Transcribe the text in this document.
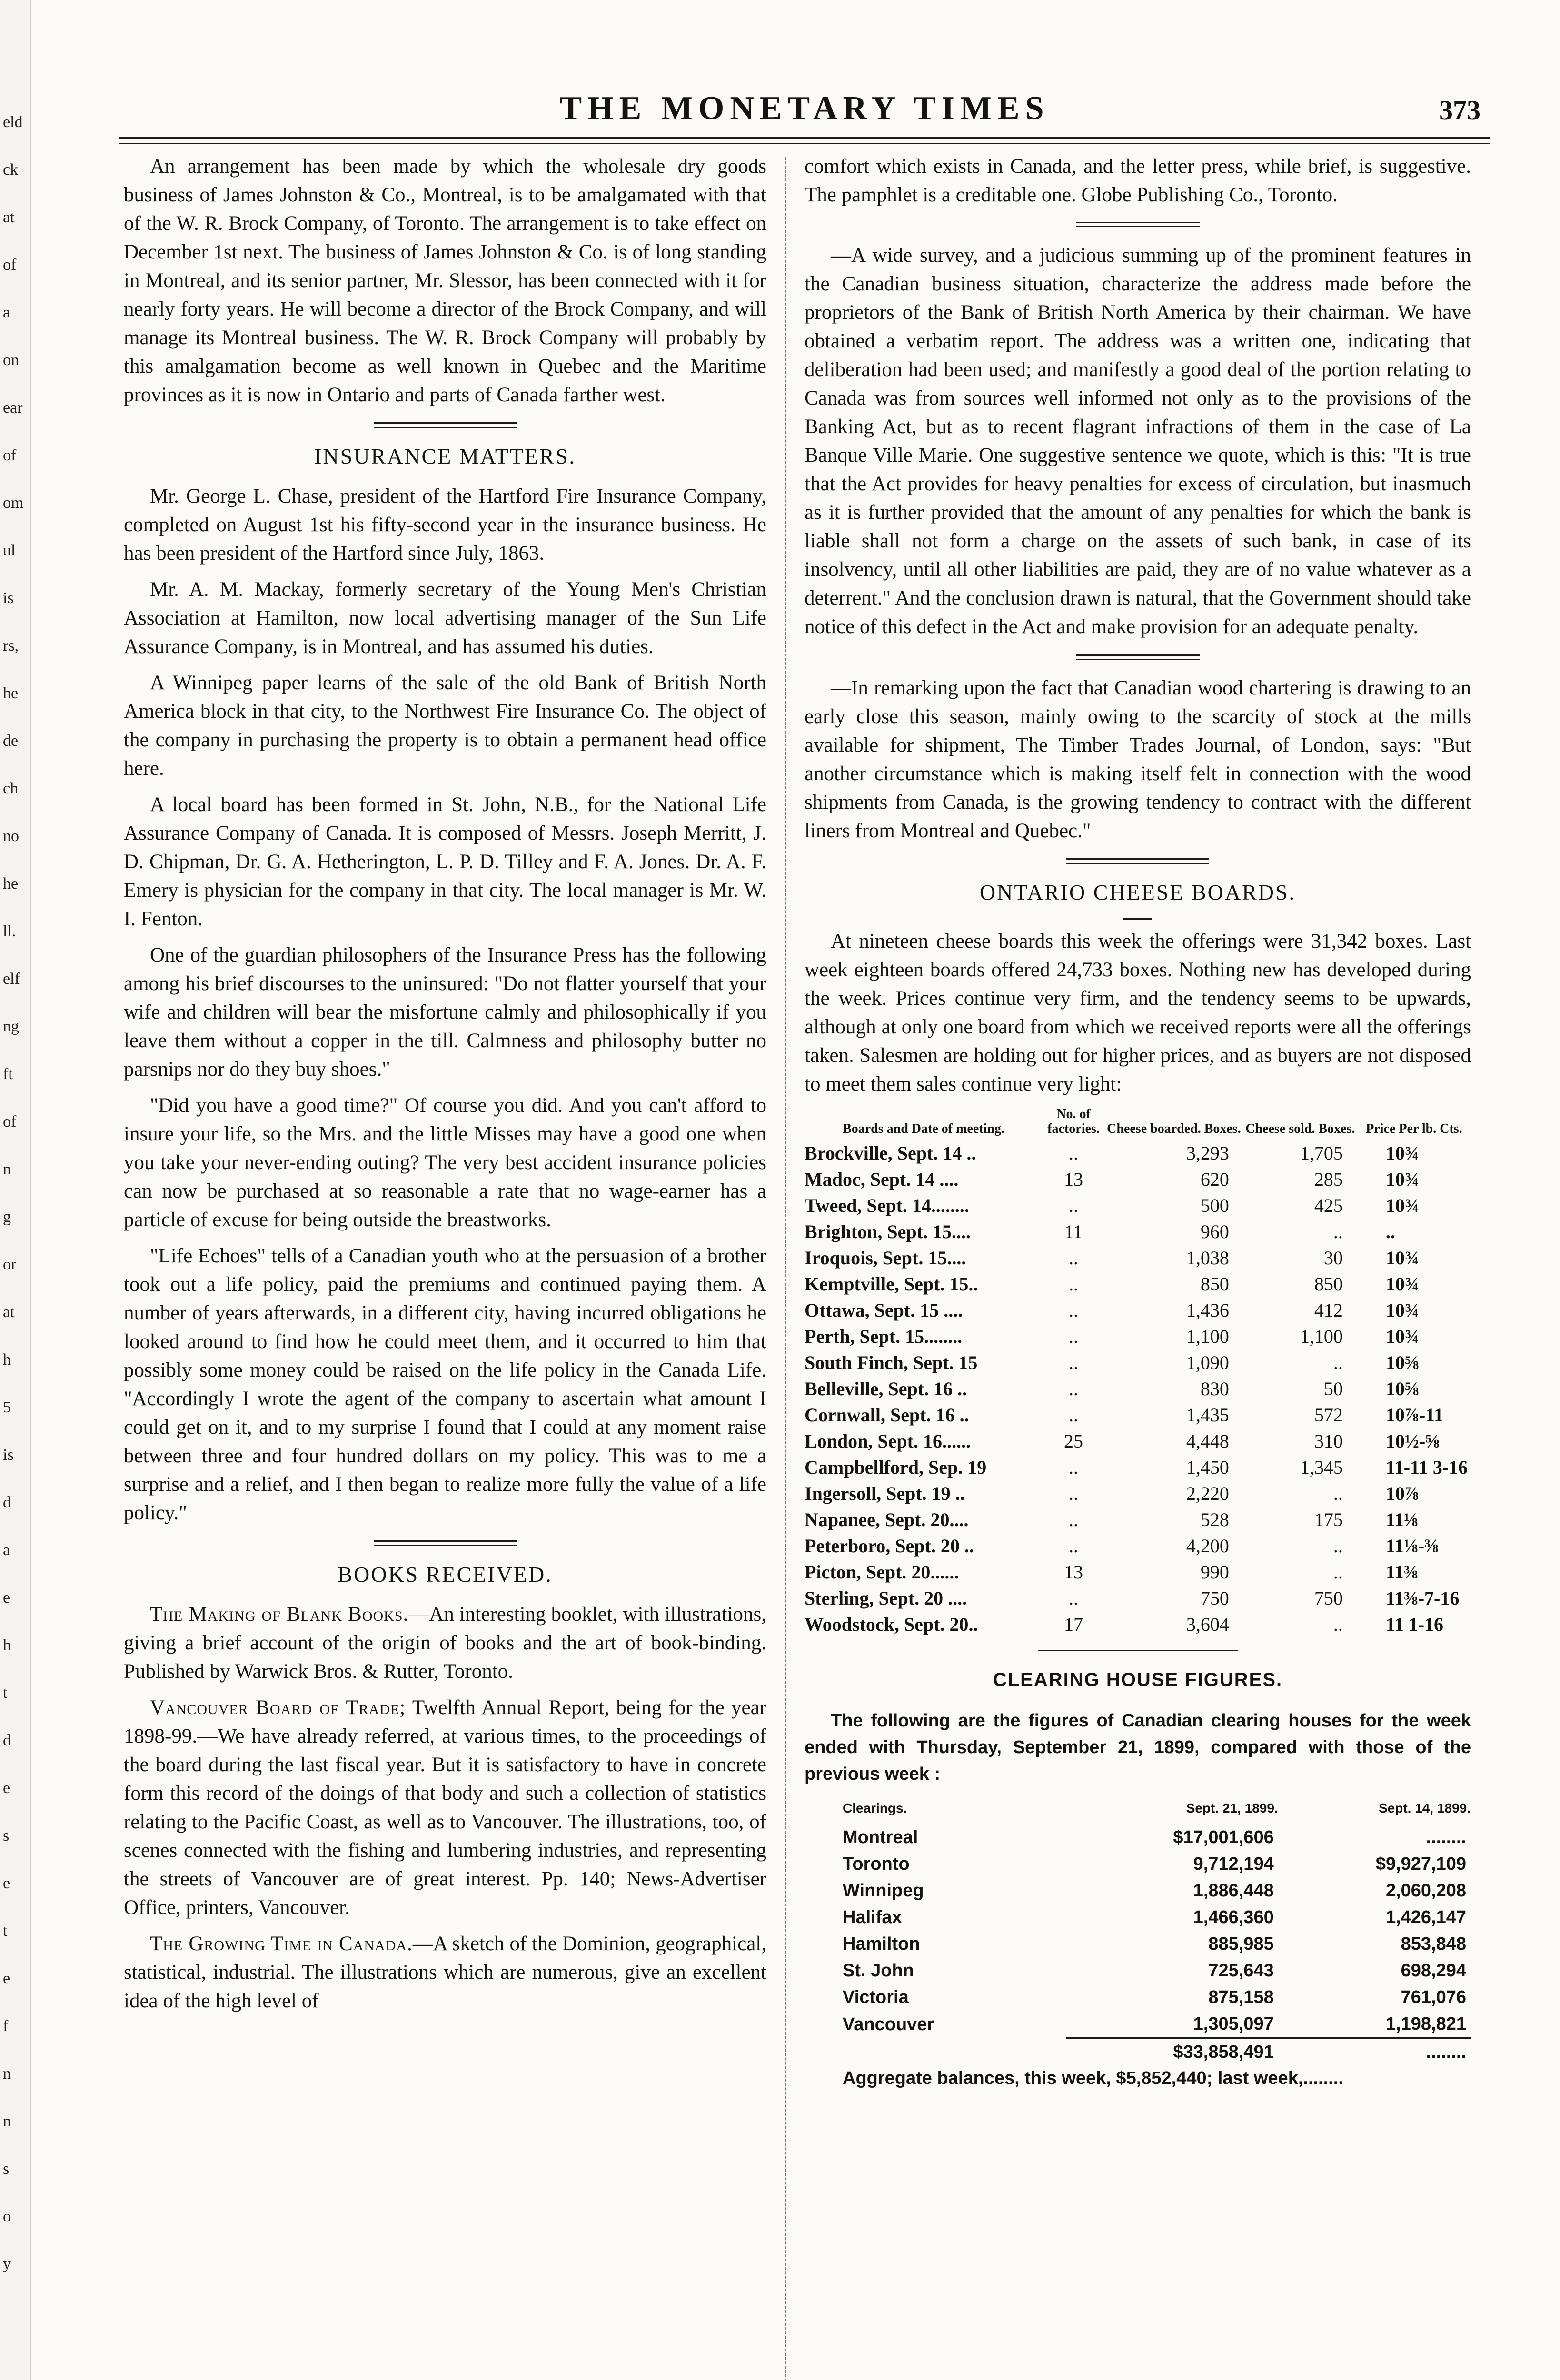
eld
ck
at
of
a
on
ear
of
om
ul
is
rs,
he
de
ch
no
he
ll.
elf
ng
ft
of
n
g
or
at
h
5
is
d
a
e
h
t
d
e
s
e
t
e
f
n
n
s
o
y
THE MONETARY TIMES	373

An arrangement has been made by which the wholesale dry goods business of James Johnston & Co., Montreal, is to be amalgamated with that of the W. R. Brock Company, of Toronto. The arrangement is to take effect on December 1st next. The business of James Johnston & Co. is of long standing in Montreal, and its senior partner, Mr. Slessor, has been connected with it for nearly forty years. He will become a director of the Brock Company, and will manage its Montreal business. The W. R. Brock Company will probably by this amalgamation become as well known in Quebec and the Maritime provinces as it is now in Ontario and parts of Canada farther west.

INSURANCE MATTERS.

Mr. George L. Chase, president of the Hartford Fire Insurance Company, completed on August 1st his fifty-second year in the insurance business. He has been president of the Hartford since July, 1863.

Mr. A. M. Mackay, formerly secretary of the Young Men's Christian Association at Hamilton, now local advertising manager of the Sun Life Assurance Company, is in Montreal, and has assumed his duties.

A Winnipeg paper learns of the sale of the old Bank of British North America block in that city, to the Northwest Fire Insurance Co. The object of the company in purchasing the property is to obtain a permanent head office here.

A local board has been formed in St. John, N.B., for the National Life Assurance Company of Canada. It is composed of Messrs. Joseph Merritt, J. D. Chipman, Dr. G. A. Hetherington, L. P. D. Tilley and F. A. Jones. Dr. A. F. Emery is physician for the company in that city. The local manager is Mr. W. I. Fenton.

One of the guardian philosophers of the Insurance Press has the following among his brief discourses to the uninsured: "Do not flatter yourself that your wife and children will bear the misfortune calmly and philosophically if you leave them without a copper in the till. Calmness and philosophy butter no parsnips nor do they buy shoes."

"Did you have a good time?" Of course you did. And you can't afford to insure your life, so the Mrs. and the little Misses may have a good one when you take your never-ending outing? The very best accident insurance policies can now be purchased at so reasonable a rate that no wage-earner has a particle of excuse for being outside the breastworks.

"Life Echoes" tells of a Canadian youth who at the persuasion of a brother took out a life policy, paid the premiums and continued paying them. A number of years afterwards, in a different city, having incurred obligations he looked around to find how he could meet them, and it occurred to him that possibly some money could be raised on the life policy in the Canada Life. "Accordingly I wrote the agent of the company to ascertain what amount I could get on it, and to my surprise I found that I could at any moment raise between three and four hundred dollars on my policy. This was to me a surprise and a relief, and I then began to realize more fully the value of a life policy."

BOOKS RECEIVED.

The Making of Blank Books.—An interesting booklet, with illustrations, giving a brief account of the origin of books and the art of book-binding. Published by Warwick Bros. & Rutter, Toronto.

Vancouver Board of Trade; Twelfth Annual Report, being for the year 1898-99.—We have already referred, at various times, to the proceedings of the board during the last fiscal year. But it is satisfactory to have in concrete form this record of the doings of that body and such a collection of statistics relating to the Pacific Coast, as well as to Vancouver. The illustrations, too, of scenes connected with the fishing and lumbering industries, and representing the streets of Vancouver are of great interest. Pp. 140; News-Advertiser Office, printers, Vancouver.

The Growing Time in Canada.—A sketch of the Dominion, geographical, statistical, industrial. The illustrations which are numerous, give an excellent idea of the high level of

comfort which exists in Canada, and the letter press, while brief, is suggestive. The pamphlet is a creditable one. Globe Publishing Co., Toronto.

—A wide survey, and a judicious summing up of the prominent features in the Canadian business situation, characterize the address made before the proprietors of the Bank of British North America by their chairman. We have obtained a verbatim report. The address was a written one, indicating that deliberation had been used; and manifestly a good deal of the portion relating to Canada was from sources well informed not only as to the provisions of the Banking Act, but as to recent flagrant infractions of them in the case of La Banque Ville Marie. One suggestive sentence we quote, which is this: "It is true that the Act provides for heavy penalties for excess of circulation, but inasmuch as it is further provided that the amount of any penalties for which the bank is liable shall not form a charge on the assets of such bank, in case of its insolvency, until all other liabilities are paid, they are of no value whatever as a deterrent." And the conclusion drawn is natural, that the Government should take notice of this defect in the Act and make provision for an adequate penalty.

—In remarking upon the fact that Canadian wood chartering is drawing to an early close this season, mainly owing to the scarcity of stock at the mills available for shipment, The Timber Trades Journal, of London, says: "But another circumstance which is making itself felt in connection with the wood shipments from Canada, is the growing tendency to contract with the different liners from Montreal and Quebec."

ONTARIO CHEESE BOARDS.

At nineteen cheese boards this week the offerings were 31,342 boxes. Last week eighteen boards offered 24,733 boxes. Nothing new has developed during the week. Prices continue very firm, and the tendency seems to be upwards, although at only one board from which we received reports were all the offerings taken. Salesmen are holding out for higher prices, and as buyers are not disposed to meet them sales continue very light:

Boards and Date of meeting.	No. of factories.	Cheese boarded. Boxes.	Cheese sold. Boxes.	Price Per lb. Cts.
Brockville, Sept. 14 ..	..	3,293	1,705	10¾
Madoc, Sept. 14 ....	13	620	285	10¾
Tweed, Sept. 14........	..	500	425	10¾
Brighton, Sept. 15....	11	960	..	..
Iroquois, Sept. 15....	..	1,038	30	10¾
Kemptville, Sept. 15..	..	850	850	10¾
Ottawa, Sept. 15 ....	..	1,436	412	10¾
Perth, Sept. 15........	..	1,100	1,100	10¾
South Finch, Sept. 15	..	1,090	..	10⅝
Belleville, Sept. 16 ..	..	830	50	10⅝
Cornwall, Sept. 16 ..	..	1,435	572	10⅞-11
London, Sept. 16......	25	4,448	310	10½-⅝
Campbellford, Sep. 19	..	1,450	1,345	11-11 3-16
Ingersoll, Sept. 19 ..	..	2,220	..	10⅞
Napanee, Sept. 20....	..	528	175	11⅛
Peterboro, Sept. 20 ..	..	4,200	..	11⅛-⅜
Picton, Sept. 20......	13	990	..	11⅜
Sterling, Sept. 20 ....	..	750	750	11⅜-7-16
Woodstock, Sept. 20..	17	3,604	..	11 1-16
CLEARING HOUSE FIGURES.

The following are the figures of Canadian clearing houses for the week ended with Thursday, September 21, 1899, compared with those of the previous week :

Clearings.	Sept. 21, 1899.	Sept. 14, 1899.
Montreal	$17,001,606	........
Toronto	9,712,194	$9,927,109
Winnipeg	1,886,448	2,060,208
Halifax	1,466,360	1,426,147
Hamilton	885,985	853,848
St. John	725,643	698,294
Victoria	875,158	761,076
Vancouver	1,305,097	1,198,821
	$33,858,491	........
Aggregate balances, this week, $5,852,440; last week,........
